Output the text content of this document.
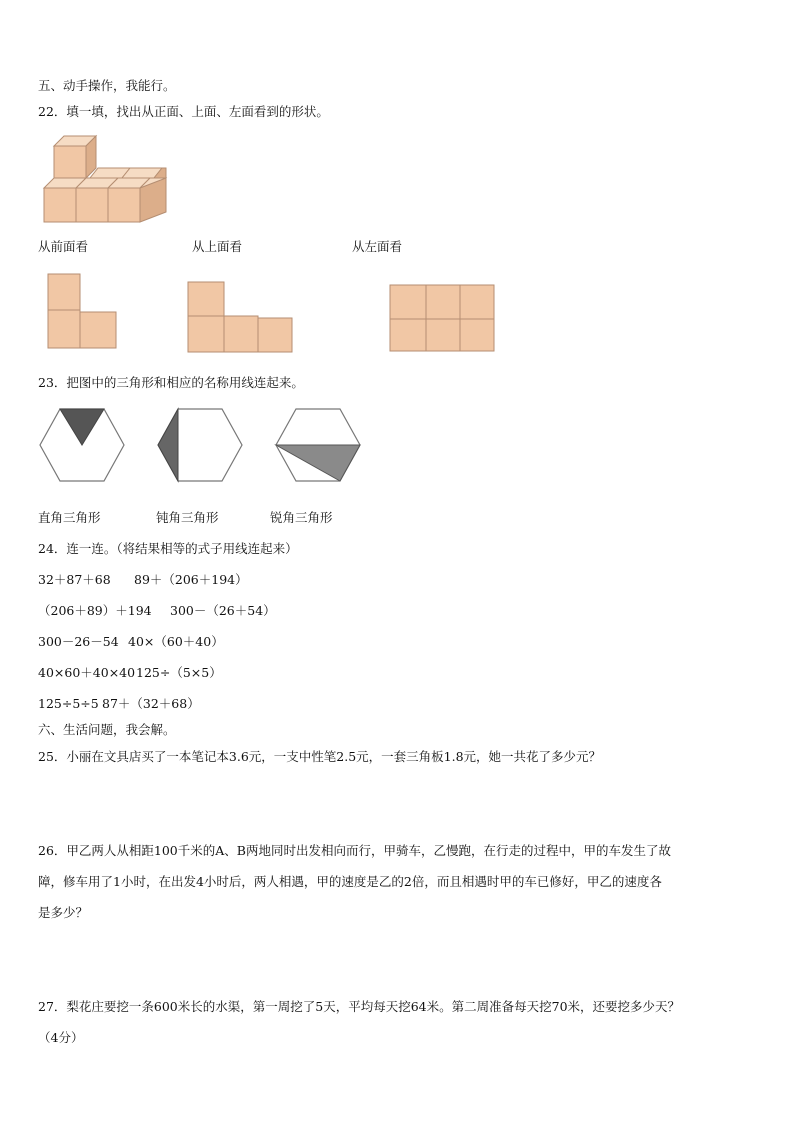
五、动手操作，我能行。
22．填一填，找出从正面、上面、左面看到的形状。
从前面看	从上面看	从左面看
23．把图中的三角形和相应的名称用线连起来。
直角三角形	钝角三角形	锐角三角形
24．连一连。（将结果相等的式子用线连起来）
32＋87＋68 89＋（206＋194）
（206＋89）＋194 300－（26＋54）
300－26－54 40×（60＋40）
40×60＋40×40 125÷（5×5）
125÷5÷5 87＋（32＋68）
六、生活问题，我会解。
25．小丽在文具店买了一本笔记本3.6元，一支中性笔2.5元，一套三角板1.8元，她一共花了多少元？
26．甲乙两人从相距100千米的A、B两地同时出发相向而行，甲骑车，乙慢跑，在行走的过程中，甲的车发生了故
障，修车用了1小时，在出发4小时后，两人相遇，甲的速度是乙的2倍，而且相遇时甲的车已修好，甲乙的速度各
是多少？
27．梨花庄要挖一条600米长的水渠，第一周挖了5天，平均每天挖64米。第二周准备每天挖70米，还要挖多少天？
（4分）
